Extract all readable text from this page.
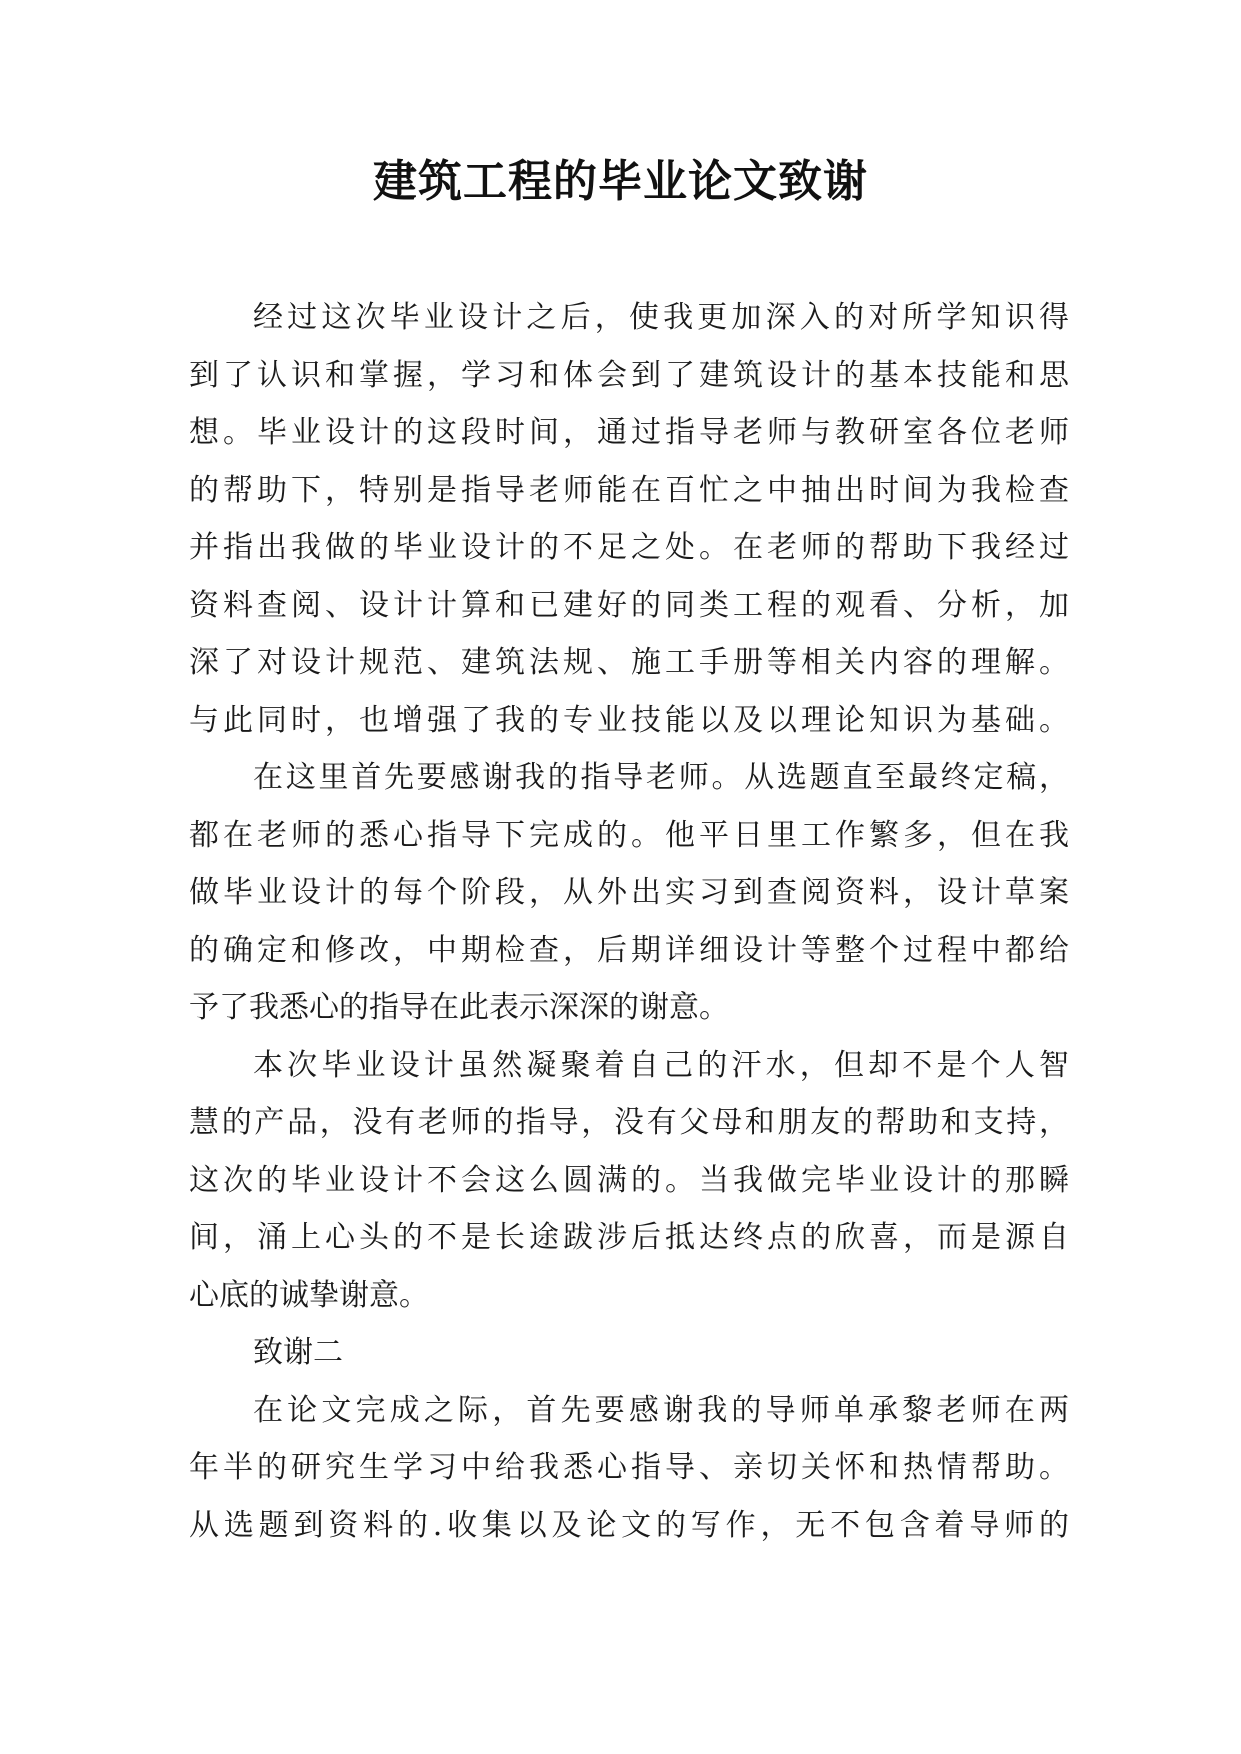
建筑工程的毕业论文致谢
经过这次毕业设计之后，使我更加深入的对所学知识得
到了认识和掌握，学习和体会到了建筑设计的基本技能和思
想。毕业设计的这段时间，通过指导老师与教研室各位老师
的帮助下，特别是指导老师能在百忙之中抽出时间为我检查
并指出我做的毕业设计的不足之处。在老师的帮助下我经过
资料查阅、设计计算和已建好的同类工程的观看、分析，加
深了对设计规范、建筑法规、施工手册等相关内容的理解。
与此同时，也增强了我的专业技能以及以理论知识为基础。
在这里首先要感谢我的指导老师。从选题直至最终定稿，
都在老师的悉心指导下完成的。他平日里工作繁多，但在我
做毕业设计的每个阶段，从外出实习到查阅资料，设计草案
的确定和修改，中期检查，后期详细设计等整个过程中都给
予了我悉心的指导在此表示深深的谢意。
本次毕业设计虽然凝聚着自己的汗水，但却不是个人智
慧的产品，没有老师的指导，没有父母和朋友的帮助和支持，
这次的毕业设计不会这么圆满的。当我做完毕业设计的那瞬
间，涌上心头的不是长途跋涉后抵达终点的欣喜，而是源自
心底的诚挚谢意。
致谢二
在论文完成之际，首先要感谢我的导师单承黎老师在两
年半的研究生学习中给我悉心指导、亲切关怀和热情帮助。
从选题到资料的.收集以及论文的写作，无不包含着导师的
